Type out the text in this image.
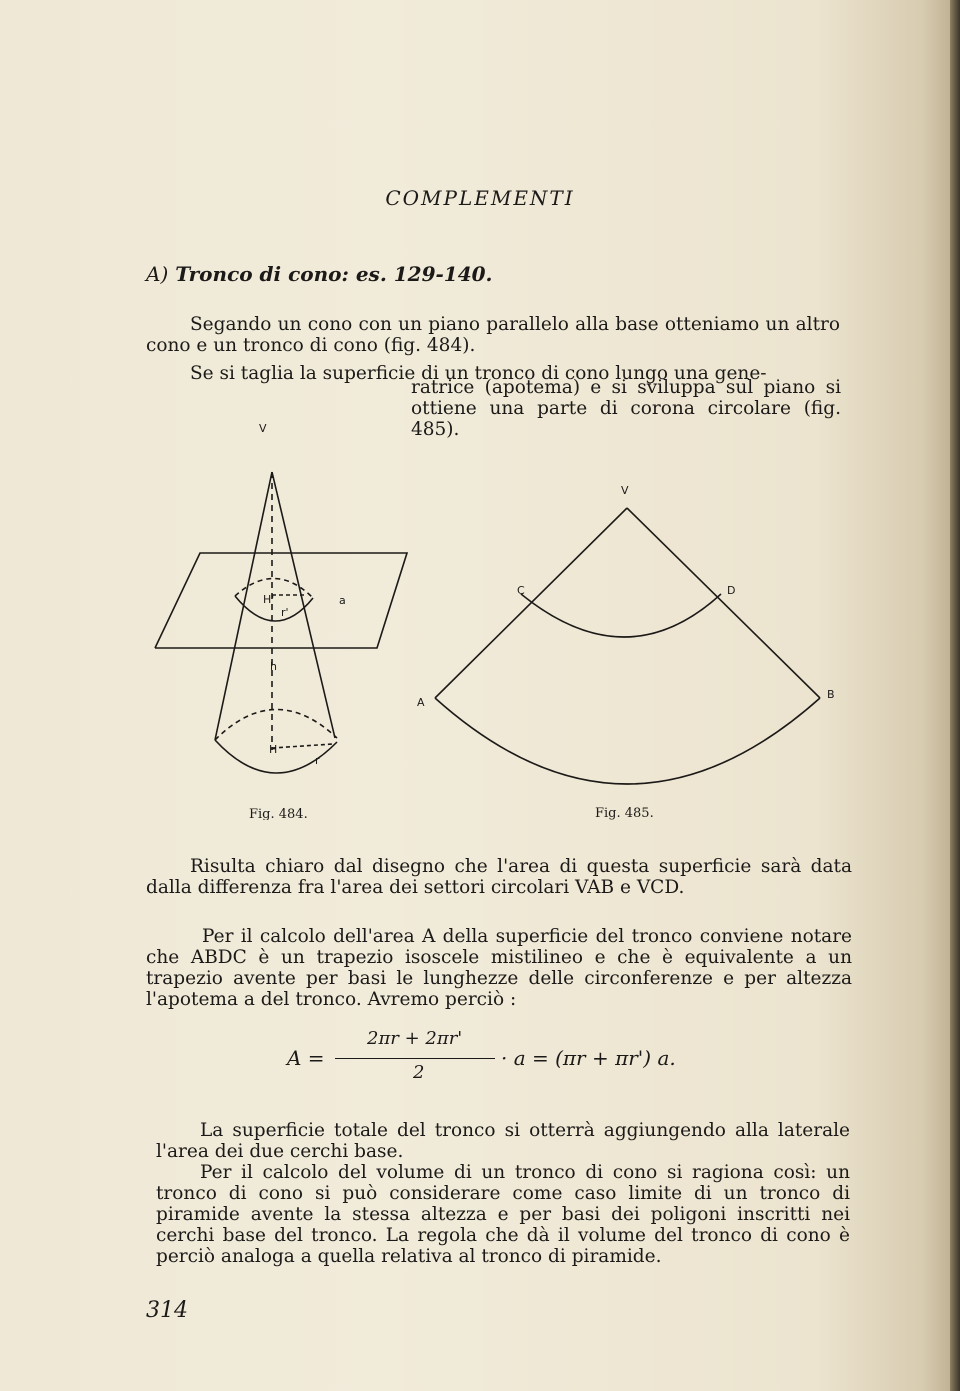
COMPLEMENTI
A) Tronco di cono: es. 129-140.
Segando un cono con un piano parallelo alla base otteniamo un altro cono e un tronco di cono (fig. 484).
Se si taglia la superficie di un tronco di cono lungo una gene-
ratrice (apotema) e si sviluppa sul piano si ottiene una parte di corona circolare (fig. 485).
V
H'
r'
a
h
H
r
Fig. 484.
V
C	D
A
B
Fig. 485.
Risulta chiaro dal disegno che l'area di questa superficie sarà data dalla differenza fra l'area dei settori circolari VAB e VCD.
Per il calcolo dell'area A della superficie del tronco conviene notare che ABDC è un trapezio isoscele mistilineo e che è equivalente a un trapezio avente per basi le lunghezze delle circonferenze e per altezza l'apotema a del tronco. Avremo perciò :
A =
2πr + 2πr'
2
· a = (πr + πr') a.
La superficie totale del tronco si otterrà aggiungendo alla laterale l'area dei due cerchi base.
Per il calcolo del volume di un tronco di cono si ragiona così: un tronco di cono si può considerare come caso limite di un tronco di piramide avente la stessa altezza e per basi dei poligoni inscritti nei cerchi base del tronco. La regola che dà il volume del tronco di cono è perciò analoga a quella relativa al tronco di piramide.
314
